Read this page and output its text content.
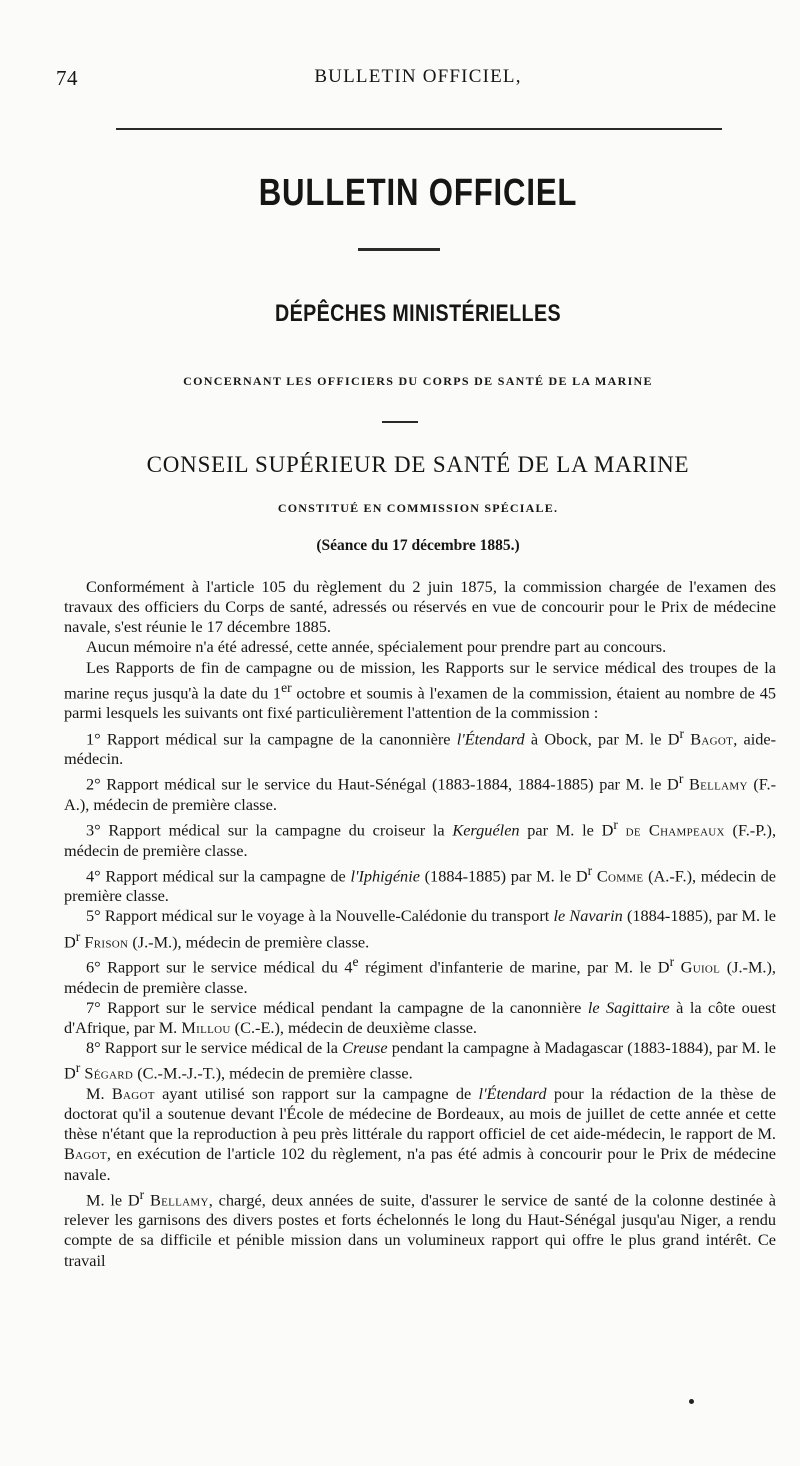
74	BULLETIN OFFICIEL,
BULLETIN OFFICIEL
DÉPÊCHES MINISTÉRIELLES
CONCERNANT LES OFFICIERS DU CORPS DE SANTÉ DE LA MARINE
CONSEIL SUPÉRIEUR DE SANTÉ DE LA MARINE
CONSTITUÉ EN COMMISSION SPÉCIALE.
(Séance du 17 décembre 1885.)

Conformément à l'article 105 du règlement du 2 juin 1875, la commission chargée de l'examen des travaux des officiers du Corps de santé, adressés ou réservés en vue de concourir pour le Prix de médecine navale, s'est réunie le 17 décembre 1885.

Aucun mémoire n'a été adressé, cette année, spécialement pour prendre part au concours.

Les Rapports de fin de campagne ou de mission, les Rapports sur le service médical des troupes de la marine reçus jusqu'à la date du 1er octobre et soumis à l'examen de la commission, étaient au nombre de 45 parmi lesquels les suivants ont fixé particulièrement l'attention de la commission :

1° Rapport médical sur la campagne de la canonnière l'Étendard à Obock, par M. le $D^r$ Bagot, aide-médecin.

2° Rapport médical sur le service du Haut-Sénégal (1883-1884, 1884-1885) par M. le $D^r$ Bellamy (F.-A.), médecin de première classe.

3° Rapport médical sur la campagne du croiseur la Kerguélen par M. le $D^r$ de Champeaux (F.-P.), médecin de première classe.

4° Rapport médical sur la campagne de l'Iphigénie (1884-1885) par M. le $D^r$ Comme (A.-F.), médecin de première classe.

5° Rapport médical sur le voyage à la Nouvelle-Calédonie du transport le Navarin (1884-1885), par M. le $D^r$ Frison (J.-M.), médecin de première classe.

6° Rapport sur le service médical du 4e régiment d'infanterie de marine, par M. le $D^r$ Guiol (J.-M.), médecin de première classe.

7° Rapport sur le service médical pendant la campagne de la canonnière le Sagittaire à la côte ouest d'Afrique, par M. Millou (C.-E.), médecin de deuxième classe.

8° Rapport sur le service médical de la Creuse pendant la campagne à Madagascar (1883-1884), par M. le $D^r$ Ségard (C.-M.-J.-T.), médecin de première classe.

M. Bagot ayant utilisé son rapport sur la campagne de l'Étendard pour la rédaction de la thèse de doctorat qu'il a soutenue devant l'École de médecine de Bordeaux, au mois de juillet de cette année et cette thèse n'étant que la reproduction à peu près littérale du rapport officiel de cet aide-médecin, le rapport de M. Bagot, en exécution de l'article 102 du règlement, n'a pas été admis à concourir pour le Prix de médecine navale.

M. le $D^r$ Bellamy, chargé, deux années de suite, d'assurer le service de santé de la colonne destinée à relever les garnisons des divers postes et forts échelonnés le long du Haut-Sénégal jusqu'au Niger, a rendu compte de sa difficile et pénible mission dans un volumineux rapport qui offre le plus grand intérêt. Ce travail
